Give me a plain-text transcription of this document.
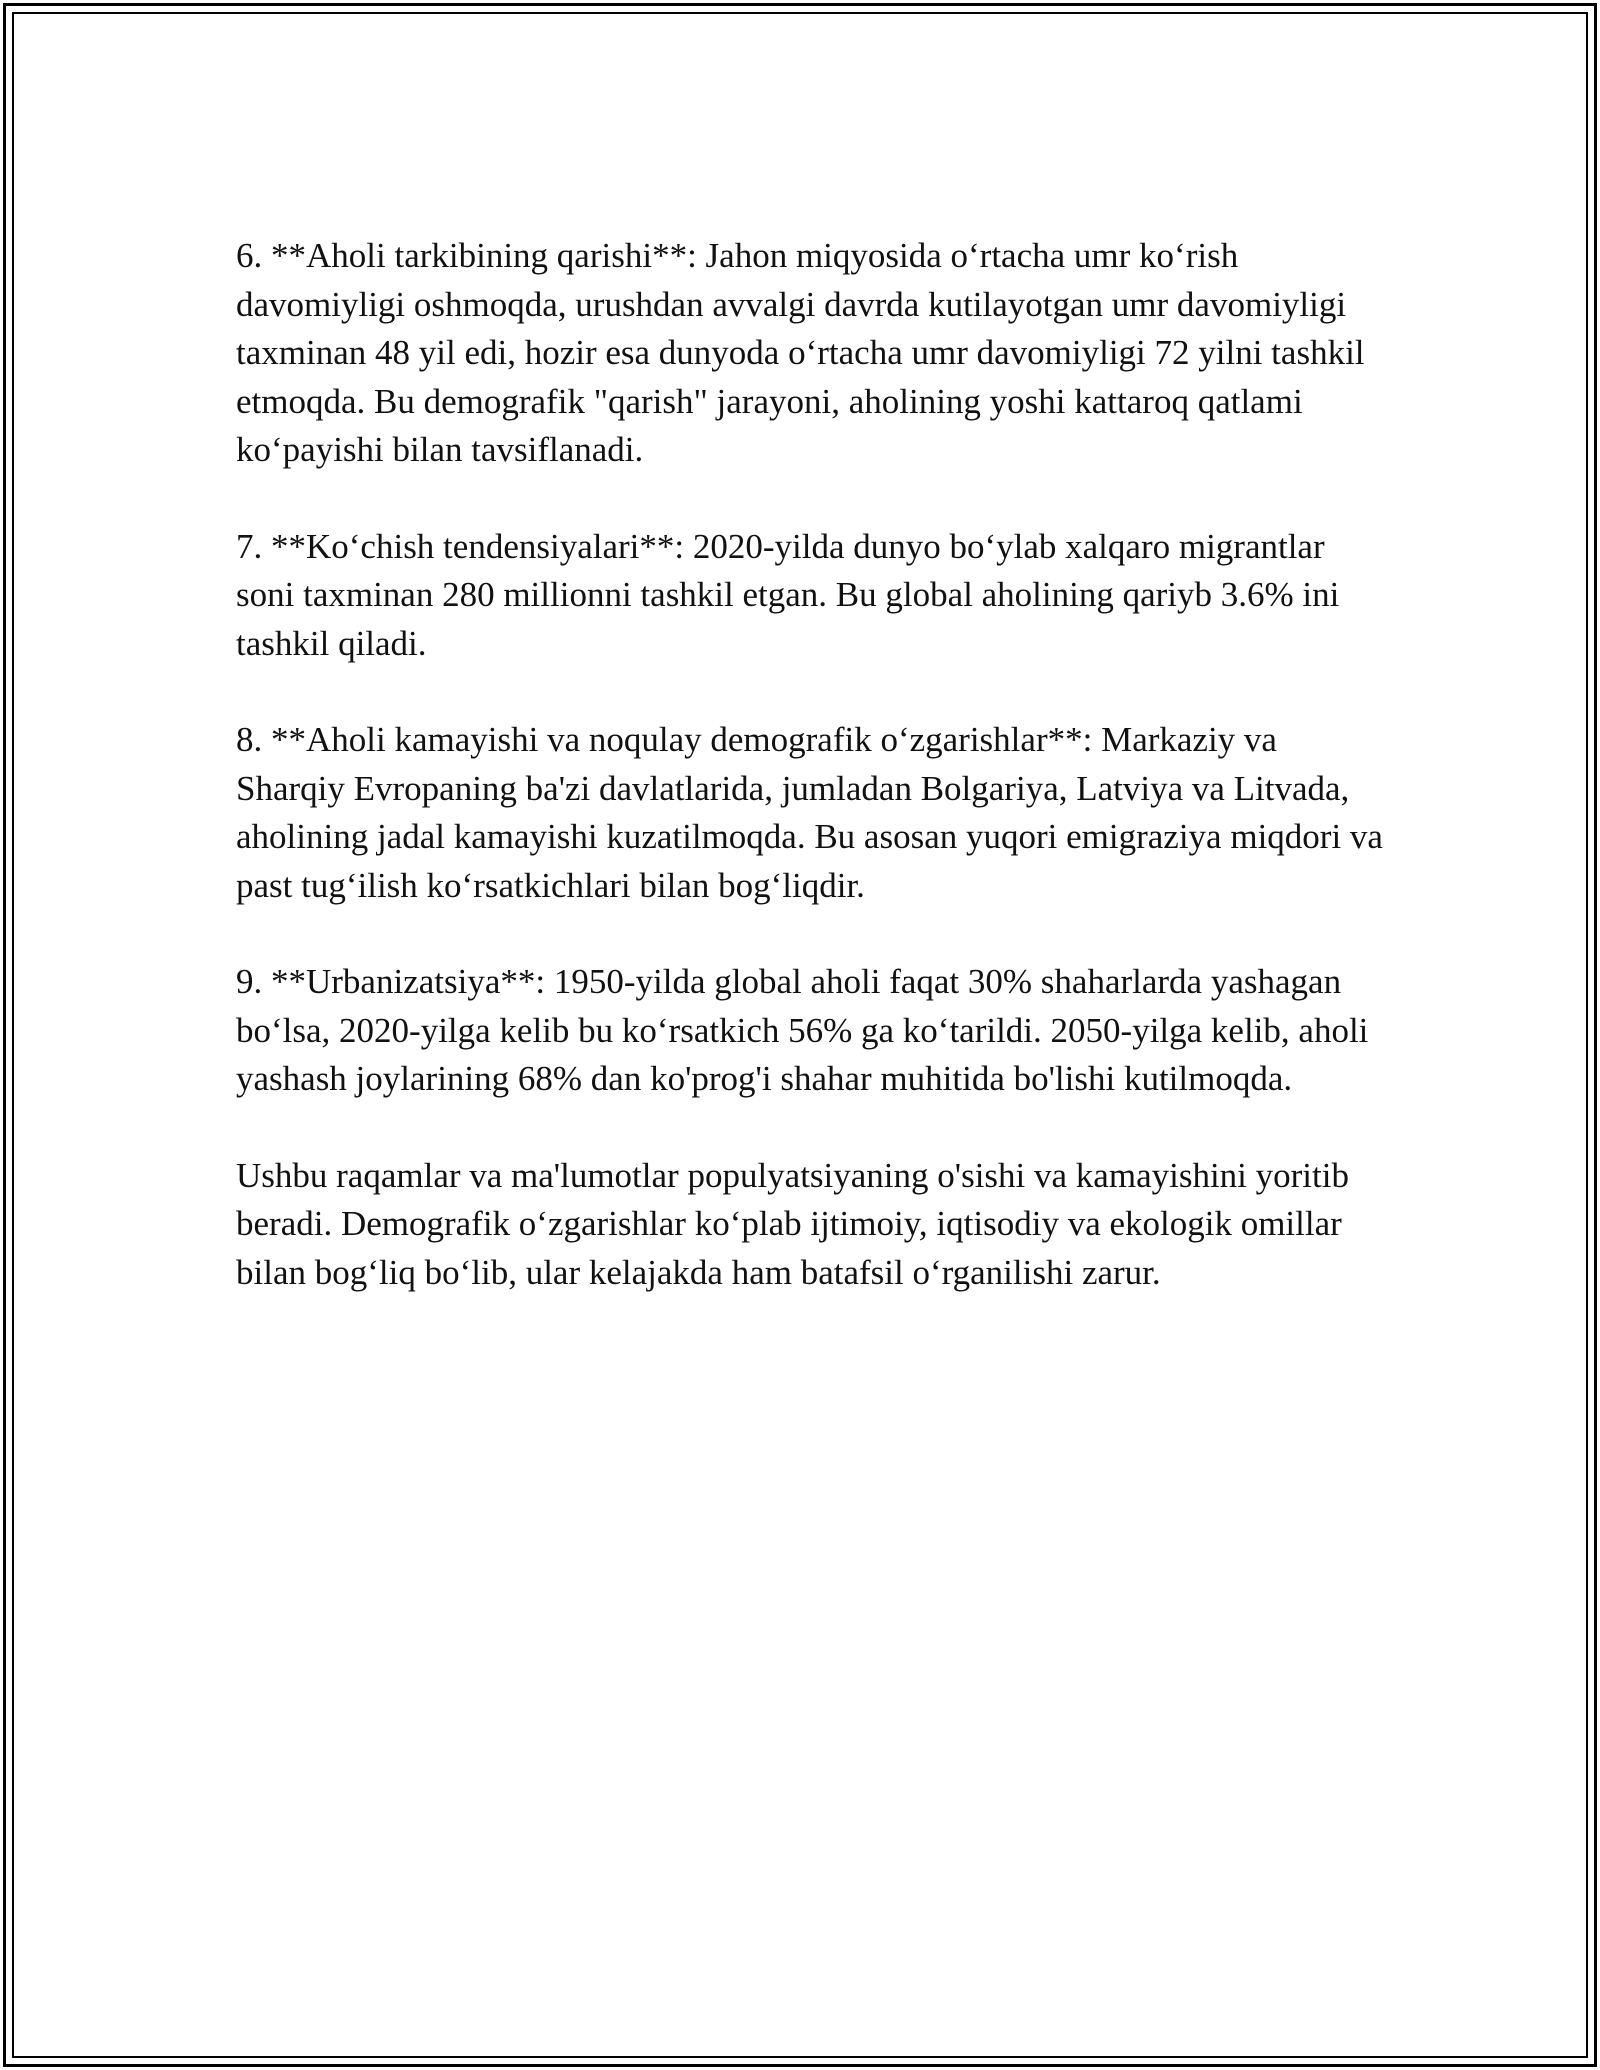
6. **Aholi tarkibining qarishi**: Jahon miqyosida oʻrtacha umr koʻrish davomiyligi oshmoqda, urushdan avvalgi davrda kutilayotgan umr davomiyligi taxminan 48 yil edi, hozir esa dunyoda oʻrtacha umr davomiyligi 72 yilni tashkil etmoqda. Bu demografik "qarish" jarayoni, aholining yoshi kattaroq qatlami koʻpayishi bilan tavsiflanadi.

7. **Koʻchish tendensiyalari**: 2020-yilda dunyo boʻylab xalqaro migrantlar soni taxminan 280 millionni tashkil etgan. Bu global aholining qariyb 3.6% ini tashkil qiladi.

8. **Aholi kamayishi va noqulay demografik oʻzgarishlar**: Markaziy va Sharqiy Evropaning ba'zi davlatlarida, jumladan Bolgariya, Latviya va Litvada, aholining jadal kamayishi kuzatilmoqda. Bu asosan yuqori emigraziya miqdori va past tugʻilish koʻrsatkichlari bilan bogʻliqdir.

9. **Urbanizatsiya**: 1950-yilda global aholi faqat 30% shaharlarda yashagan boʻlsa, 2020-yilga kelib bu koʻrsatkich 56% ga koʻtarildi. 2050-yilga kelib, aholi yashash joylarining 68% dan ko'prog'i shahar muhitida bo'lishi kutilmoqda.

Ushbu raqamlar va ma'lumotlar populyatsiyaning o'sishi va kamayishini yoritib beradi. Demografik oʻzgarishlar koʻplab ijtimoiy, iqtisodiy va ekologik omillar bilan bogʻliq boʻlib, ular kelajakda ham batafsil oʻrganilishi zarur.
